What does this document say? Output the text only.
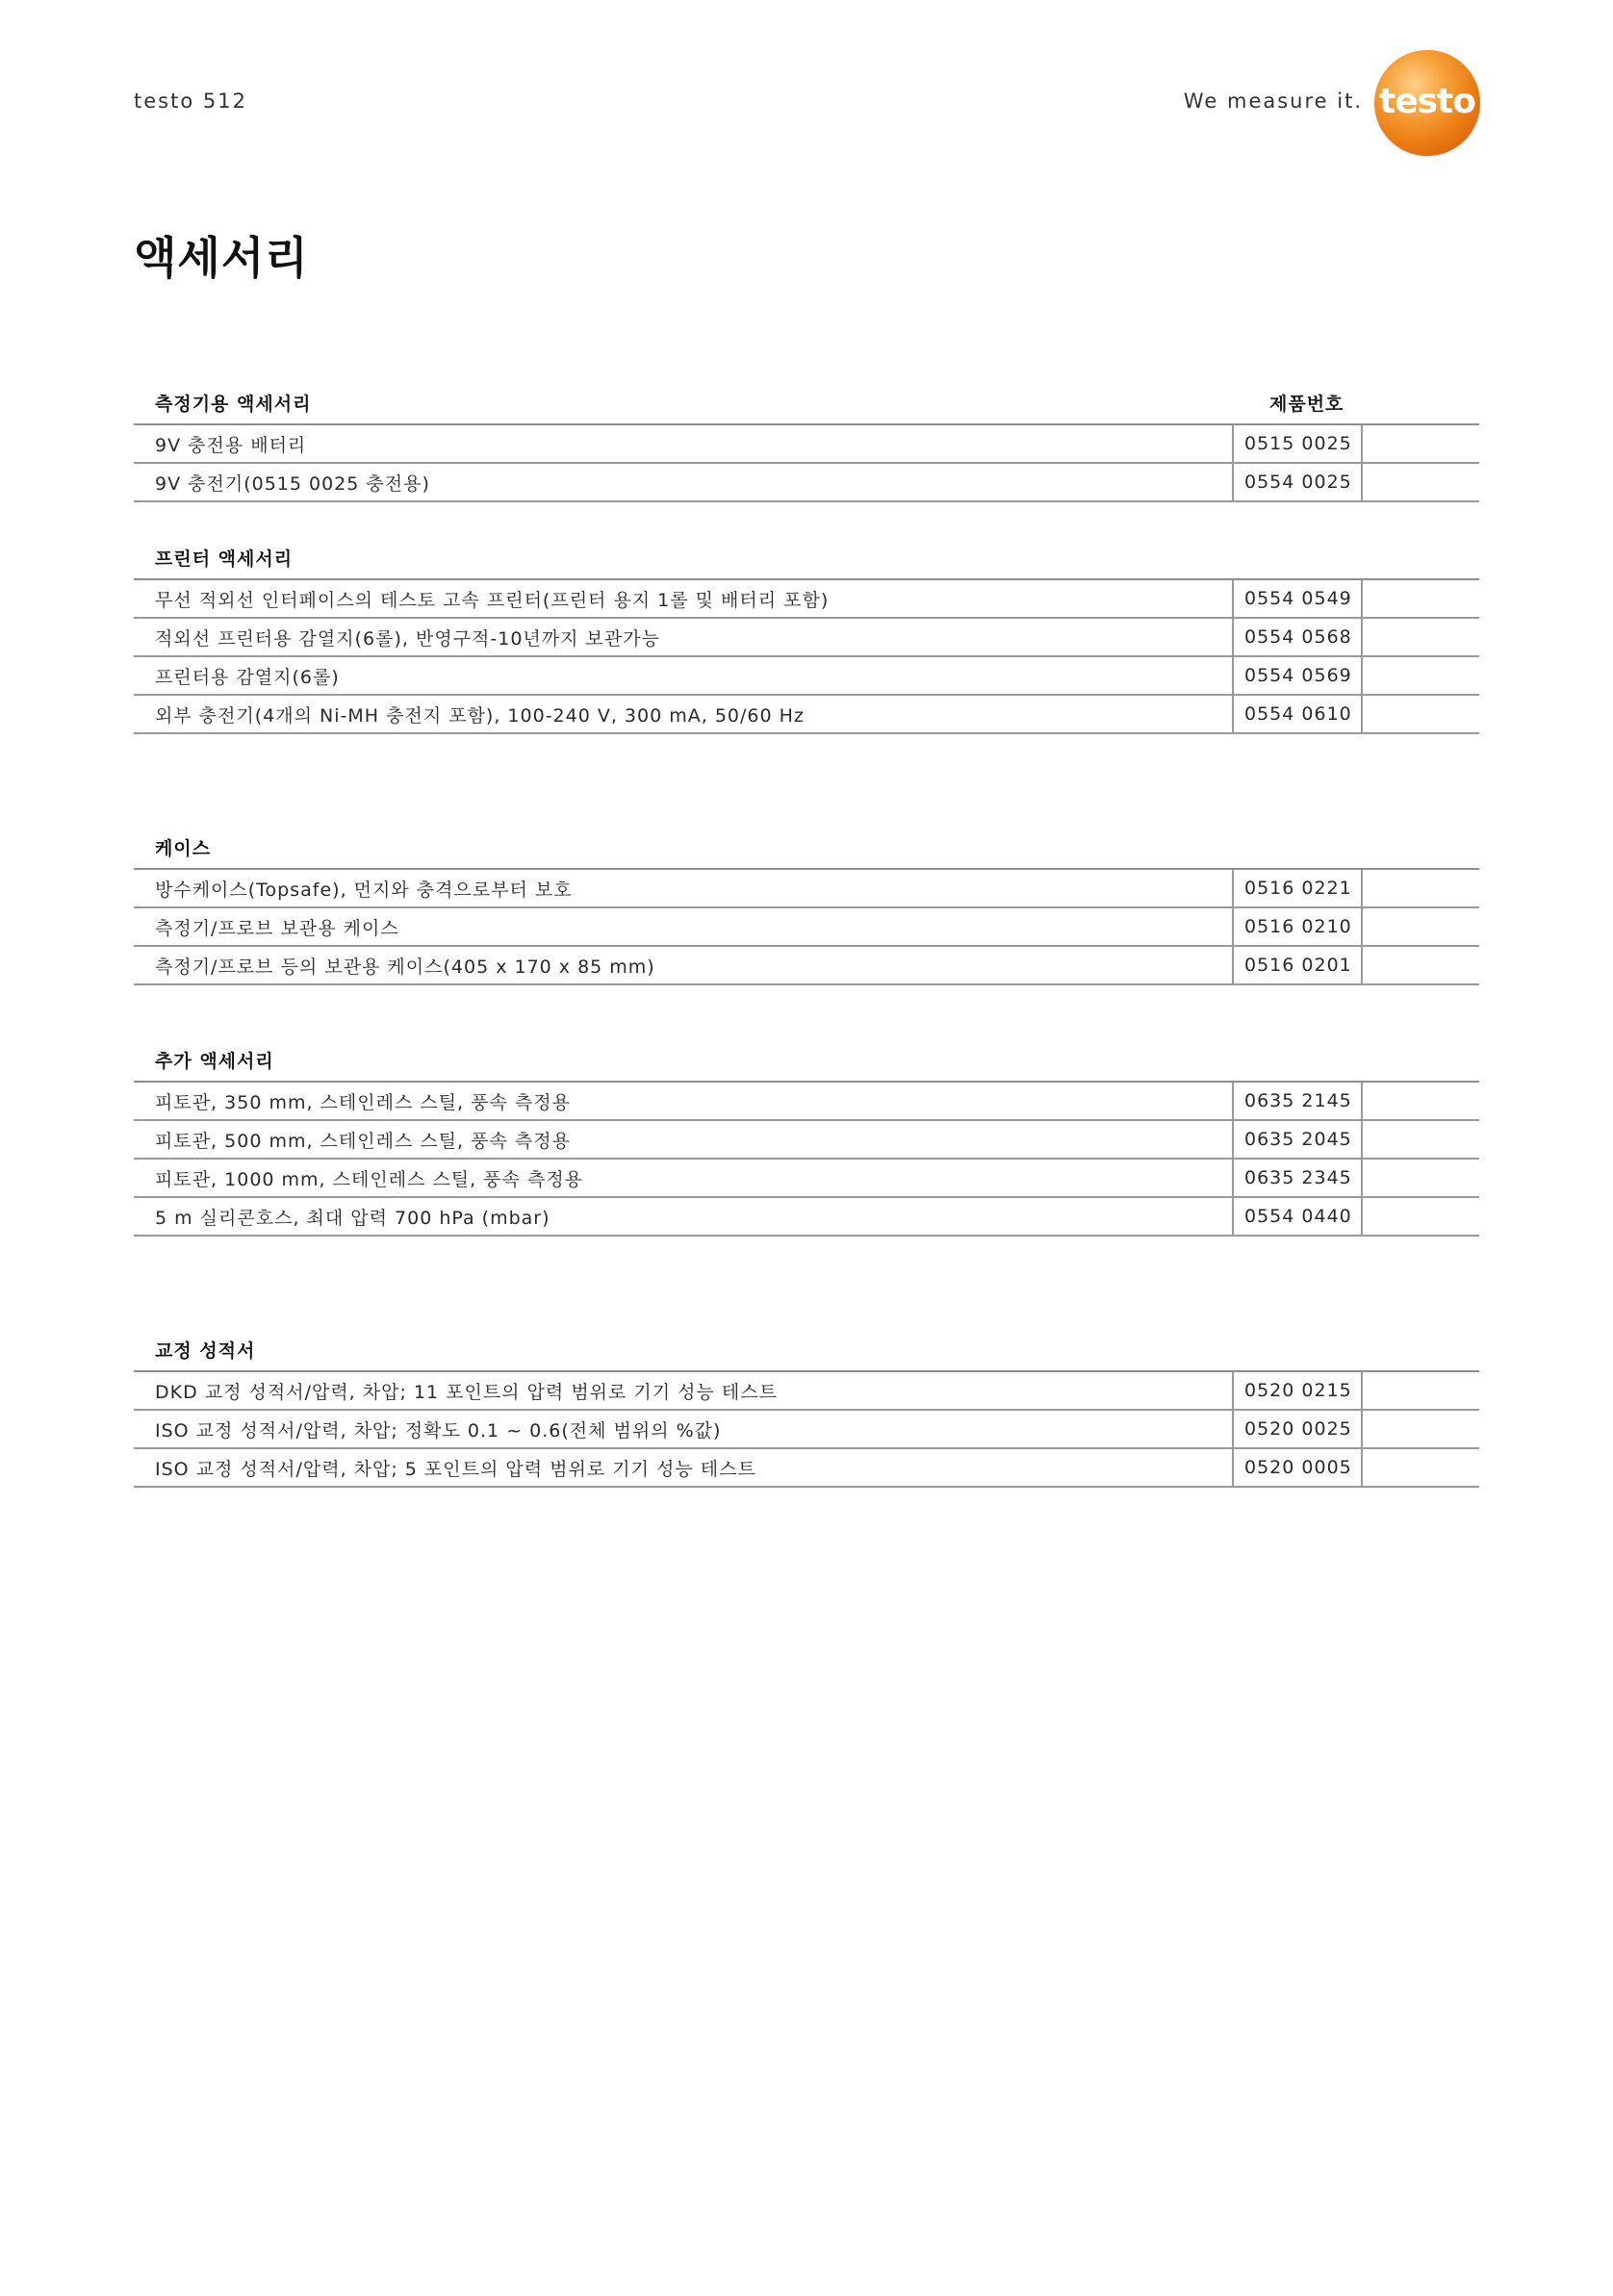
testo 512	We measure it. testo
액세서리
측정기용 액세서리	제품번호
9V 충전용 배터리	0515 0025
9V 충전기(0515 0025 충전용)	0554 0025
프린터 액세서리
무선 적외선 인터페이스의 테스토 고속 프린터(프린터 용지 1롤 및 배터리 포함)	0554 0549
적외선 프린터용 감열지(6롤), 반영구적-10년까지 보관가능	0554 0568
프린터용 감열지(6롤)	0554 0569
외부 충전기(4개의 Ni-MH 충전지 포함), 100-240 V, 300 mA, 50/60 Hz	0554 0610
케이스
방수케이스(Topsafe), 먼지와 충격으로부터 보호	0516 0221
측정기/프로브 보관용 케이스	0516 0210
측정기/프로브 등의 보관용 케이스(405 x 170 x 85 mm)	0516 0201
추가 액세서리
피토관, 350 mm, 스테인레스 스틸, 풍속 측정용	0635 2145
피토관, 500 mm, 스테인레스 스틸, 풍속 측정용	0635 2045
피토관, 1000 mm, 스테인레스 스틸, 풍속 측정용	0635 2345
5 m 실리콘호스, 최대 압력 700 hPa (mbar)	0554 0440
교정 성적서
DKD 교정 성적서/압력, 차압; 11 포인트의 압력 범위로 기기 성능 테스트	0520 0215
ISO 교정 성적서/압력, 차압; 정확도 0.1 ~ 0.6(전체 범위의 %값)	0520 0025
ISO 교정 성적서/압력, 차압; 5 포인트의 압력 범위로 기기 성능 테스트	0520 0005
